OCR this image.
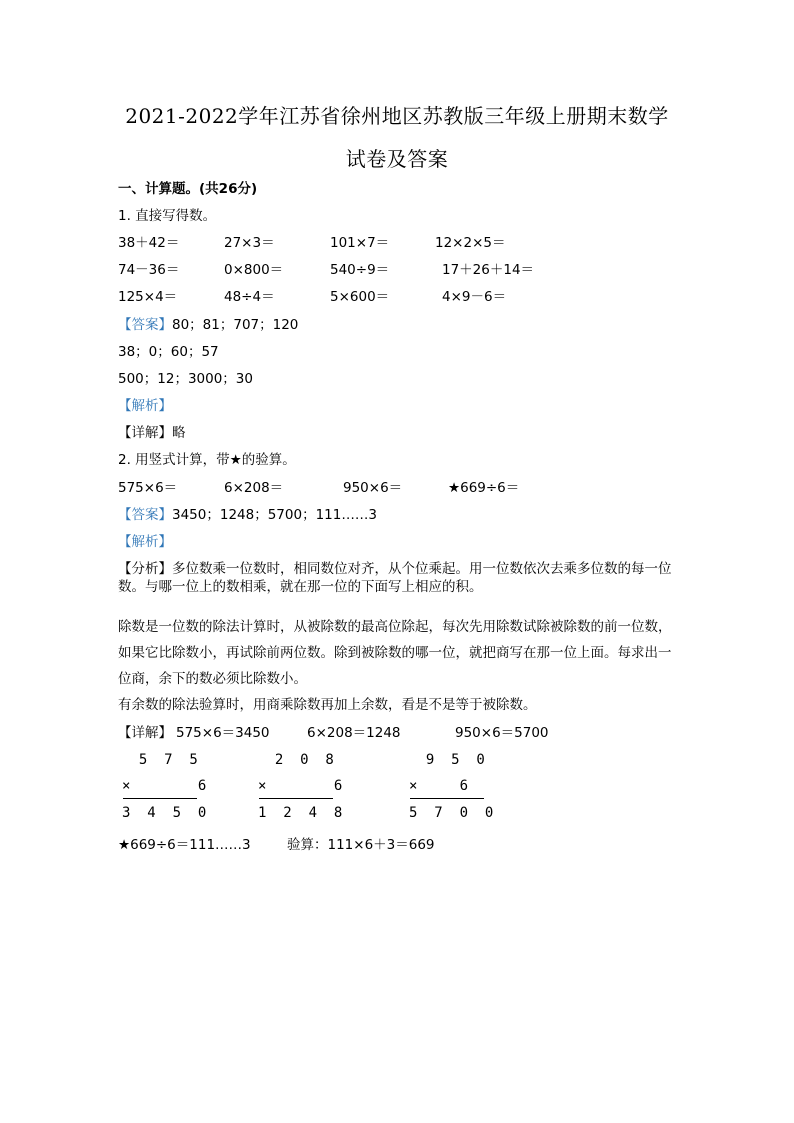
2021-2022学年江苏省徐州地区苏教版三年级上册期末数学
试卷及答案
一、计算题。(共26分)
1. 直接写得数。
38＋42＝	27×3＝	101×7＝	12×2×5＝
74－36＝	0×800＝	540÷9＝	17＋26＋14＝
125×4＝	48÷4＝	5×600＝	4×9－6＝
【答案】80；81；707；120
38；0；60；57
500；12；3000；30
【解析】
【详解】略
2. 用竖式计算，带★的验算。
575×6＝	6×208＝	950×6＝	★669÷6＝
【答案】3450；1248；5700；111……3
【解析】
【分析】多位数乘一位数时，相同数位对齐，从个位乘起。用一位数依次去乘多位数的每一位数。与哪一位上的数相乘，就在那一位的下面写上相应的积。
除数是一位数的除法计算时，从被除数的最高位除起，每次先用除数试除被除数的前一位数，如果它比除数小，再试除前两位数。除到被除数的哪一位，就把商写在那一位上面。每求出一位商，余下的数必须比除数小。
有余数的除法验算时，用商乘除数再加上余数，看是不是等于被除数。
【详解】 575×6＝3450	6×208＝1248	950×6＝5700
5  7  5
×        6
3  4  5  0
2  0  8
×        6
1  2  4  8
9  5  0
×     6
5  7  0  0
★669÷6＝111……3	验算：111×6＋3＝669
